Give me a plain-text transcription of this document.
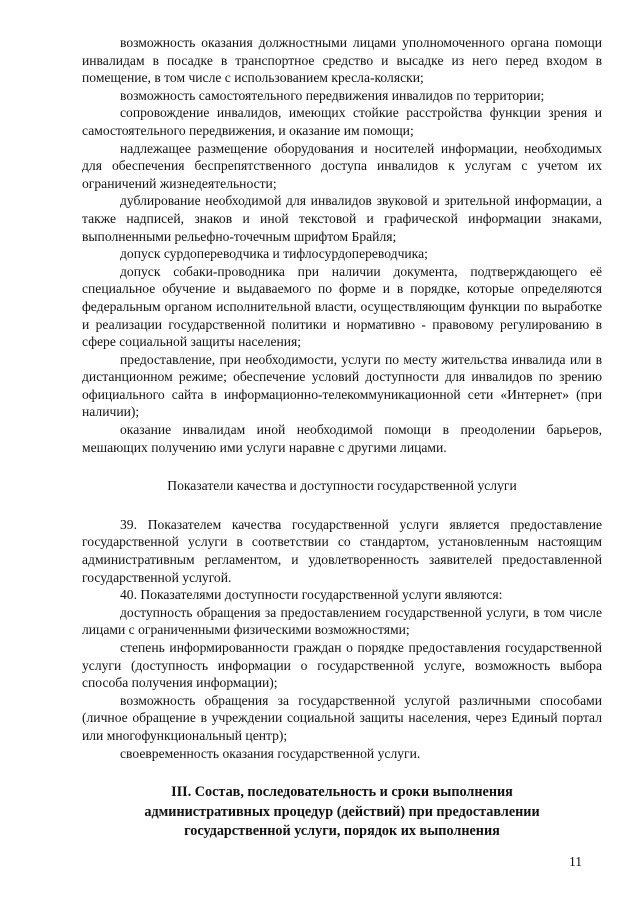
возможность оказания должностными лицами уполномоченного органа помощи инвалидам в посадке в транспортное средство и высадке из него перед входом в помещение, в том числе с использованием кресла-коляски;

возможность самостоятельного передвижения инвалидов по территории;

сопровождение инвалидов, имеющих стойкие расстройства функции зрения и самостоятельного передвижения, и оказание им помощи;

надлежащее размещение оборудования и носителей информации, необходимых для обеспечения беспрепятственного доступа инвалидов к услугам с учетом их ограничений жизнедеятельности;

дублирование необходимой для инвалидов звуковой и зрительной информации, а также надписей, знаков и иной текстовой и графической информации знаками, выполненными рельефно-точечным шрифтом Брайля;

допуск сурдопереводчика и тифлосурдопереводчика;

допуск собаки-проводника при наличии документа, подтверждающего её специальное обучение и выдаваемого по форме и в порядке, которые определяются федеральным органом исполнительной власти, осуществляющим функции по выработке и реализации государственной политики и нормативно - правовому регулированию в сфере социальной защиты населения;

предоставление, при необходимости, услуги по месту жительства инвалида или в дистанционном режиме; обеспечение условий доступности для инвалидов по зрению официального сайта в информационно-телекоммуникационной сети «Интернет» (при наличии);

оказание инвалидам иной необходимой помощи в преодолении барьеров, мешающих получению ими услуги наравне с другими лицами.

Показатели качества и доступности государственной услуги

39. Показателем качества государственной услуги является предоставление государственной услуги в соответствии со стандартом, установленным настоящим административным регламентом, и удовлетворенность заявителей предоставленной государственной услугой.

40. Показателями доступности государственной услуги являются:

доступность обращения за предоставлением государственной услуги, в том числе лицами с ограниченными физическими возможностями;

степень информированности граждан о порядке предоставления государственной услуги (доступность информации о государственной услуге, возможность выбора способа получения информации);

возможность обращения за государственной услугой различными способами (личное обращение в учреждении социальной защиты населения, через Единый портал или многофункциональный центр);

своевременность оказания государственной услуги.

III. Состав, последовательность и сроки выполнения административных процедур (действий) при предоставлении государственной услуги, порядок их выполнения

11
